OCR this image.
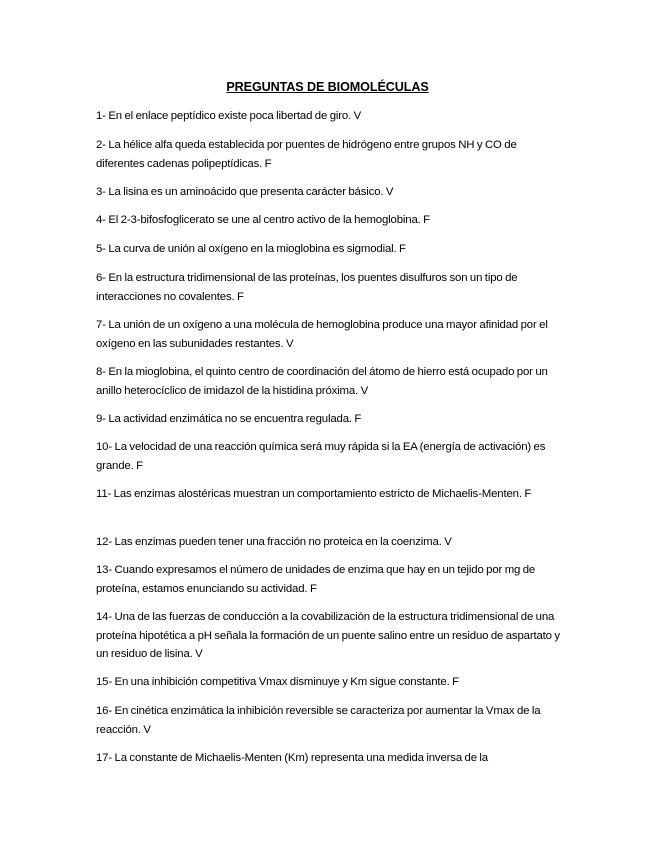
PREGUNTAS DE BIOMOLÉCULAS

1- En el enlace peptídico existe poca libertad de giro. V

2- La hélice alfa queda establecida por puentes de hidrógeno entre grupos NH y CO de diferentes cadenas polipeptídicas. F

3- La lisina es un aminoácido que presenta carácter básico. V

4- El 2-3-bifosfoglicerato se une al centro activo de la hemoglobina. F

5- La curva de unión al oxígeno en la mioglobina es sigmodial. F

6- En la estructura tridimensional de las proteínas, los puentes disulfuros son un tipo de interacciones no covalentes. F

7- La unión de un oxígeno a una molécula de hemoglobina produce una mayor afinidad por el oxígeno en las subunidades restantes. V

8- En la mioglobina, el quinto centro de coordinación del átomo de hierro está ocupado por un anillo heterocíclico de imidazol de la histidina próxima. V

9- La actividad enzimática no se encuentra regulada. F

10- La velocidad de una reacción química será muy rápida si la EA (energía de activación) es grande. F

11- Las enzimas alostéricas muestran un comportamiento estricto de Michaelis-Menten. F

12- Las enzimas pueden tener una fracción no proteica en la coenzima. V

13- Cuando expresamos el número de unidades de enzima que hay en un tejido por mg de proteína, estamos enunciando su actividad. F

14- Una de las fuerzas de conducción a la covabilización de la estructura tridimensional de una proteína hipotética a pH señala la formación de un puente salino entre un residuo de aspartato y un residuo de lisina. V

15- En una inhibición competitiva Vmax disminuye y Km sigue constante. F

16- En cinética enzimática la inhibición reversible se caracteriza por aumentar la Vmax de la reacción. V

17- La constante de Michaelis-Menten (Km) representa una medida inversa de la
